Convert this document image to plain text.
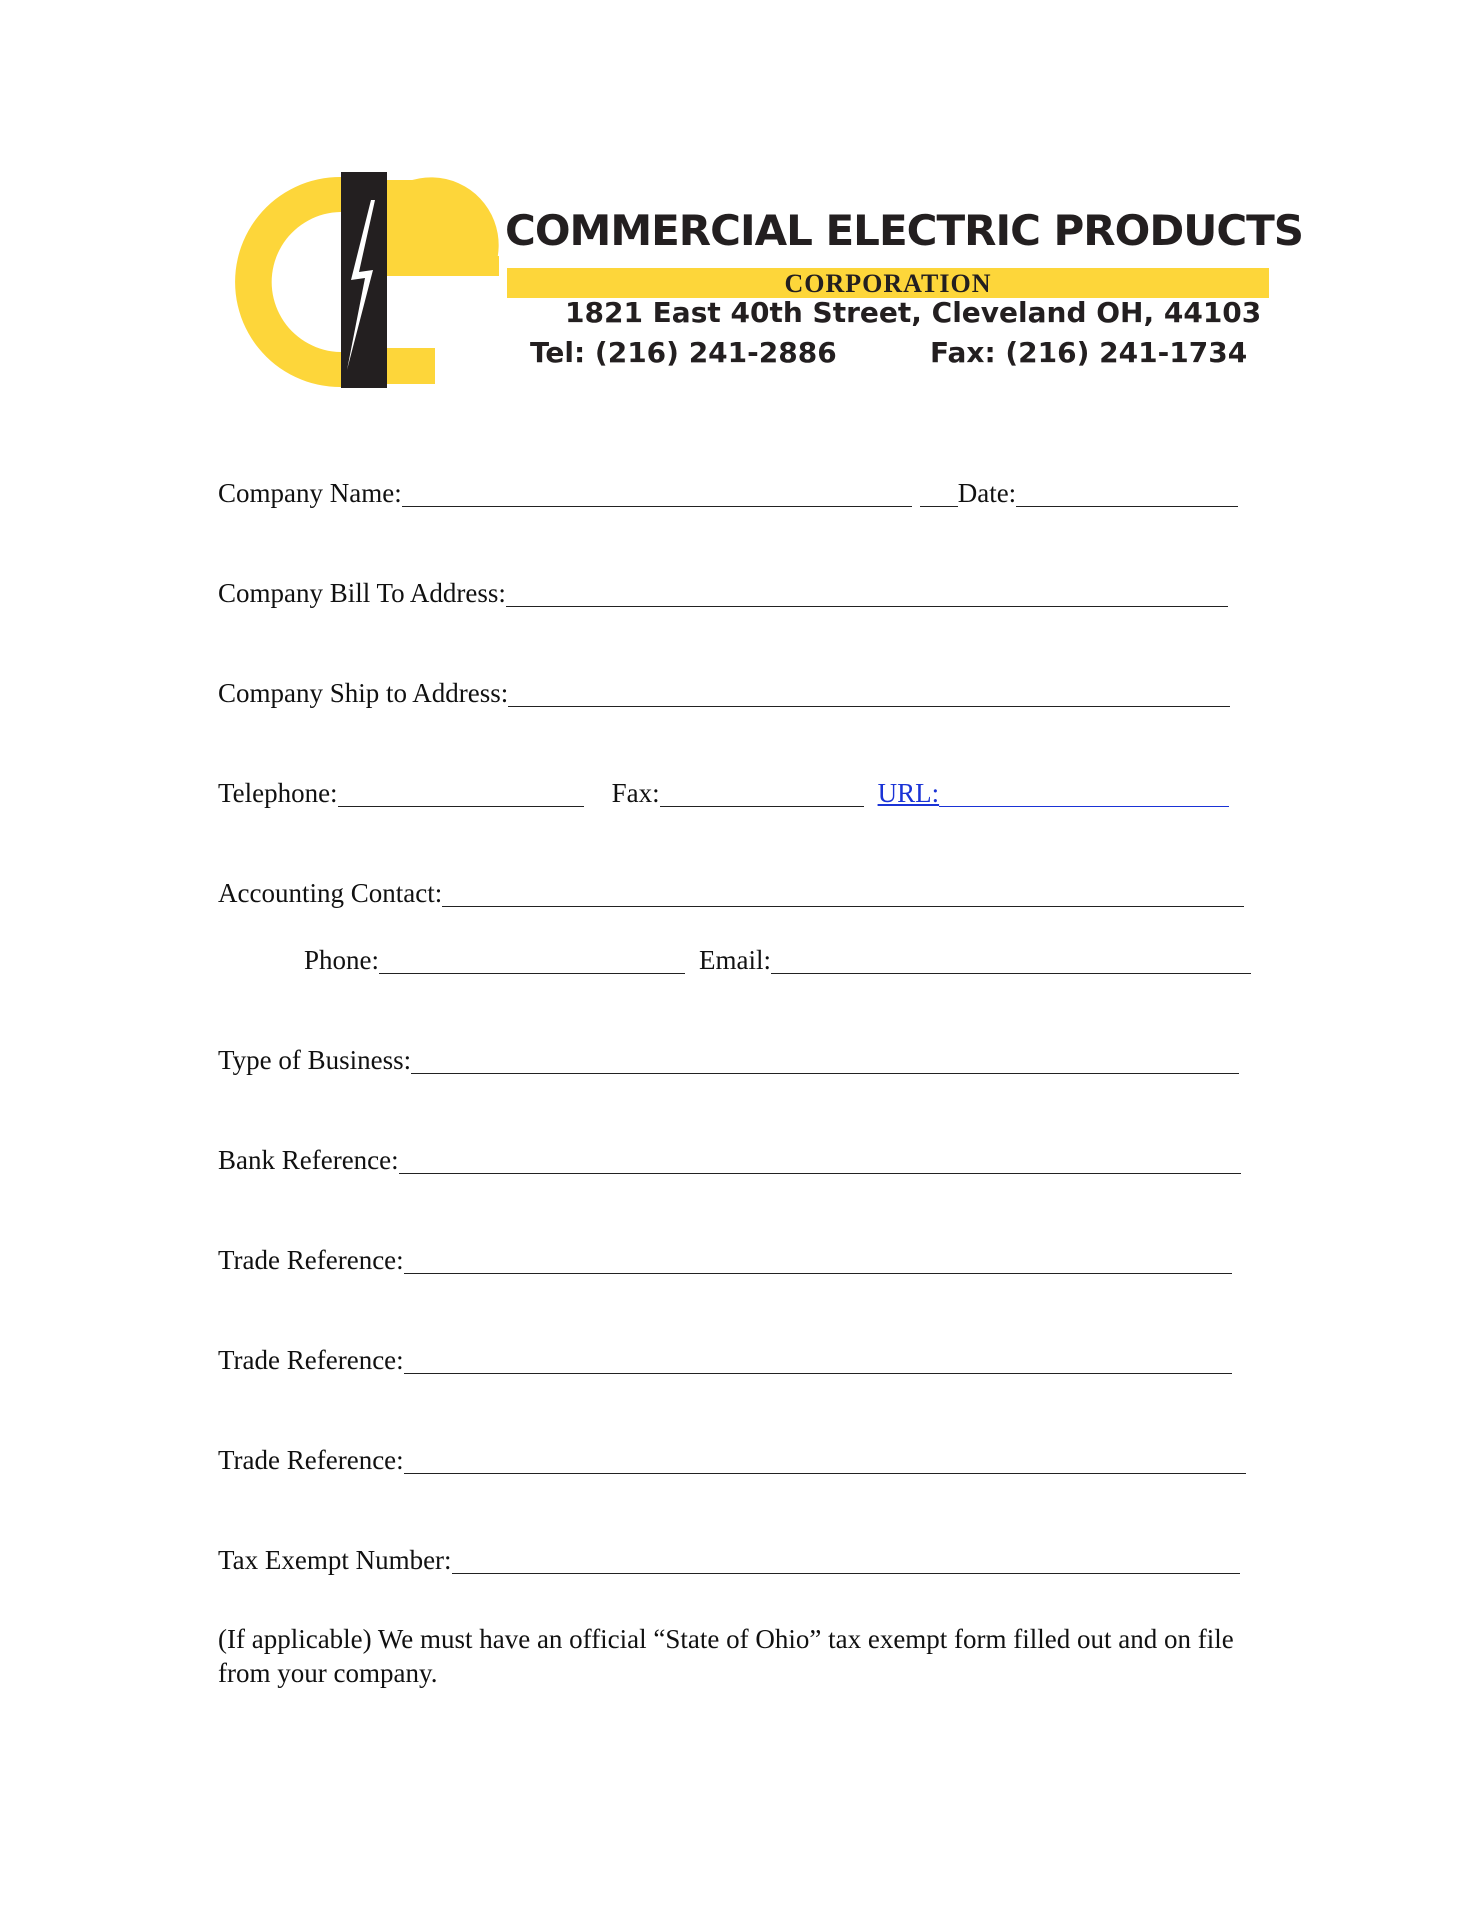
COMMERCIAL ELECTRIC PRODUCTS
CORPORATION
1821 East 40th Street, Cleveland OH, 44103
Tel: (216) 241-2886	Fax: (216) 241-1734
Company Name:	Date:
Company Bill To Address:
Company Ship to Address:
Telephone:	Fax:	URL:
Accounting Contact:
Phone:	Email:
Type of Business:
Bank Reference:
Trade Reference:
Trade Reference:
Trade Reference:
Tax Exempt Number:
(If applicable) We must have an official “State of Ohio” tax exempt form filled out and on file from your company.
